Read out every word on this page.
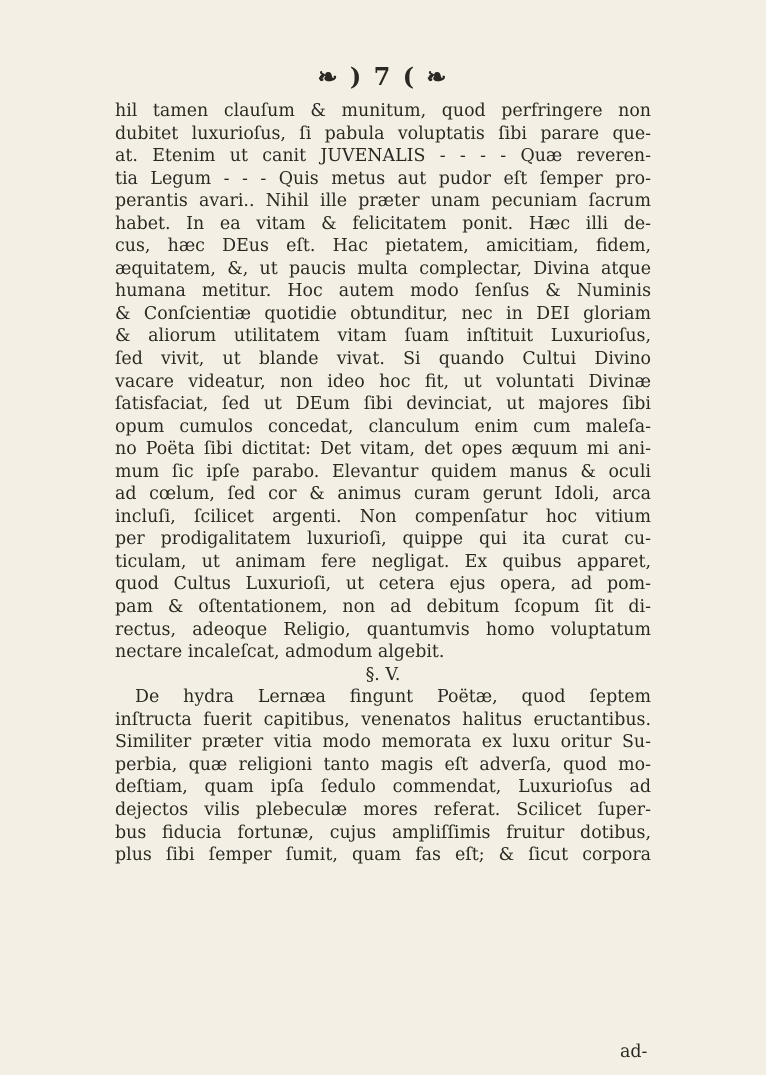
❧ ) 7 ( ❧
hil tamen clauſum & munitum, quod perfringere non
dubitet luxurioſus, ſi pabula voluptatis ſibi parare que-
at. Etenim ut canit JUVENALIS - - - - Quæ reveren-
tia Legum - - - Quis metus aut pudor eſt ſemper pro-
perantis avari.. Nihil ille præter unam pecuniam ſacrum
habet. In ea vitam & felicitatem ponit. Hæc illi de-
cus, hæc DEus eſt. Hac pietatem, amicitiam, fidem,
æquitatem, &, ut paucis multa complectar, Divina atque
humana metitur. Hoc autem modo ſenſus & Numinis
& Conſcientiæ quotidie obtunditur, nec in DEI gloriam
& aliorum utilitatem vitam ſuam inſtituit Luxurioſus,
ſed vivit, ut blande vivat. Si quando Cultui Divino
vacare videatur, non ideo hoc fit, ut voluntati Divinæ
ſatisfaciat, ſed ut DEum ſibi devinciat, ut majores ſibi
opum cumulos concedat, clanculum enim cum maleſa-
no Poëta ſibi dictitat: Det vitam, det opes æquum mi ani-
mum ſic ipſe parabo. Elevantur quidem manus & oculi
ad cœlum, ſed cor & animus curam gerunt Idoli, arca
incluſi, ſcilicet argenti. Non compenſatur hoc vitium
per prodigalitatem luxurioſi, quippe qui ita curat cu-
ticulam, ut animam fere negligat. Ex quibus apparet,
quod Cultus Luxurioſi, ut cetera ejus opera, ad pom-
pam & oſtentationem, non ad debitum ſcopum ſit di-
rectus, adeoque Religio, quantumvis homo voluptatum
nectare incaleſcat, admodum algebit.
§. V.
De hydra Lernæa fingunt Poëtæ, quod ſeptem
inſtructa fuerit capitibus, venenatos halitus eructantibus.
Similiter præter vitia modo memorata ex luxu oritur Su-
perbia, quæ religioni tanto magis eſt adverſa, quod mo-
deſtiam, quam ipſa ſedulo commendat, Luxurioſus ad
dejectos vilis plebeculæ mores referat. Scilicet ſuper-
bus fiducia fortunæ, cujus ampliſſimis fruitur dotibus,
plus ſibi ſemper ſumit, quam fas eſt; & ſicut corpora
ad-
